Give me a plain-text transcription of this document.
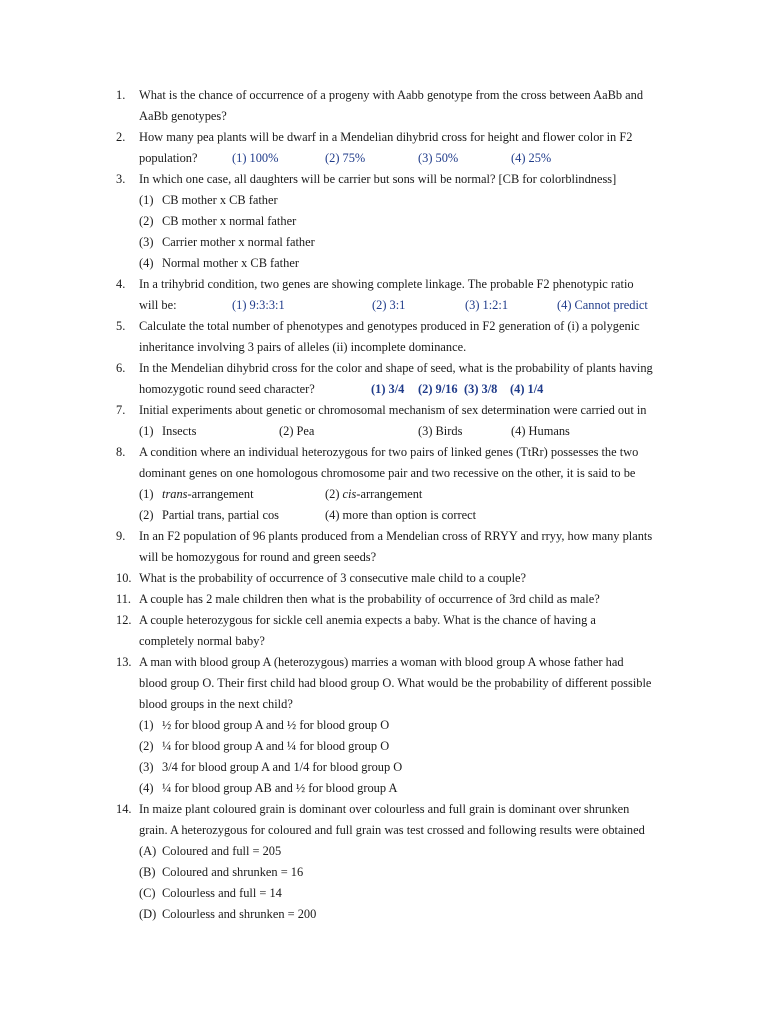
1. What is the chance of occurrence of a progeny with Aabb genotype from the cross between AaBb and
AaBb genotypes?
2. How many pea plants will be dwarf in a Mendelian dihybrid cross for height and flower color in F2
population?	(1) 100%	(2) 75%	(3) 50%	(4) 25%
3. In which one case, all daughters will be carrier but sons will be normal? [CB for colorblindness]
(1) CB mother x CB father
(2) CB mother x normal father
(3) Carrier mother x normal father
(4) Normal mother x CB father
4. In a trihybrid condition, two genes are showing complete linkage. The probable F2 phenotypic ratio
will be:	(1) 9:3:3:1	(2) 3:1	(3) 1:2:1	(4) Cannot predict
5. Calculate the total number of phenotypes and genotypes produced in F2 generation of (i) a polygenic
inheritance involving 3 pairs of alleles (ii) incomplete dominance.
6. In the Mendelian dihybrid cross for the color and shape of seed, what is the probability of plants having
homozygotic round seed character?	(1) 3/4 (2) 9/16 (3) 3/8 (4) 1/4
7. Initial experiments about genetic or chromosomal mechanism of sex determination were carried out in
(1) Insects	(2) Pea	(3) Birds	(4) Humans
8. A condition where an individual heterozygous for two pairs of linked genes (TtRr) possesses the two
dominant genes on one homologous chromosome pair and two recessive on the other, it is said to be
(1) trans-arrangement	(2) cis-arrangement
(2) Partial trans, partial cos	(4) more than option is correct
9. In an F2 population of 96 plants produced from a Mendelian cross of RRYY and rryy, how many plants
will be homozygous for round and green seeds?
10. What is the probability of occurrence of 3 consecutive male child to a couple?
11. A couple has 2 male children then what is the probability of occurrence of 3rd child as male?
12. A couple heterozygous for sickle cell anemia expects a baby. What is the chance of having a
completely normal baby?
13. A man with blood group A (heterozygous) marries a woman with blood group A whose father had
blood group O. Their first child had blood group O. What would be the probability of different possible
blood groups in the next child?
(1) ½ for blood group A and ½ for blood group O
(2) ¼ for blood group A and ¼ for blood group O
(3) 3/4 for blood group A and 1/4 for blood group O
(4) ¼ for blood group AB and ½ for blood group A
14. In maize plant coloured grain is dominant over colourless and full grain is dominant over shrunken
grain. A heterozygous for coloured and full grain was test crossed and following results were obtained
(A) Coloured and full = 205
(B) Coloured and shrunken = 16
(C) Colourless and full = 14
(D) Colourless and shrunken = 200
